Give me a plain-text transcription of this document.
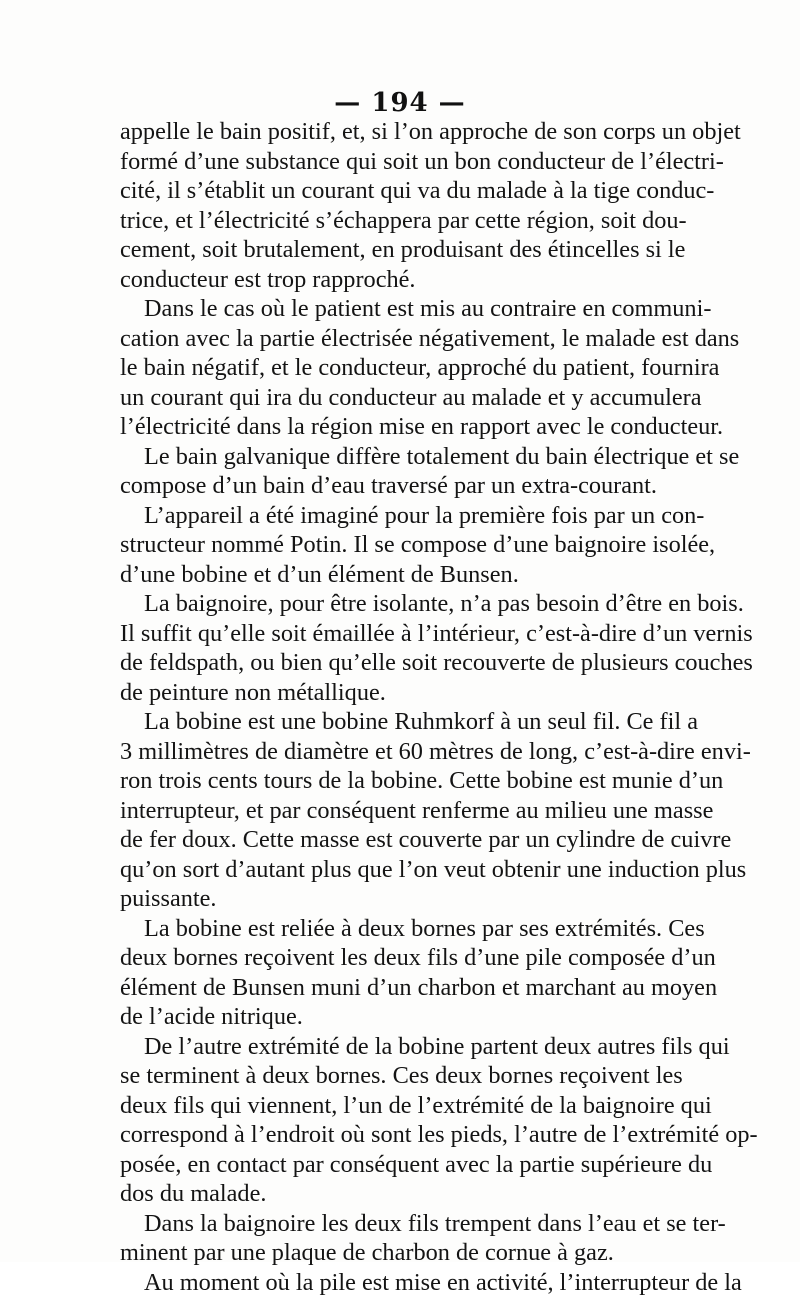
— 194 —

appelle le bain positif, et, si l’on approche de son corps un objet
formé d’une substance qui soit un bon conducteur de l’électri-
cité, il s’établit un courant qui va du malade à la tige conduc-
trice, et l’électricité s’échappera par cette région, soit dou-
cement, soit brutalement, en produisant des étincelles si le
conducteur est trop rapproché.

Dans le cas où le patient est mis au contraire en communi-
cation avec la partie électrisée négativement, le malade est dans
le bain négatif, et le conducteur, approché du patient, fournira
un courant qui ira du conducteur au malade et y accumulera
l’électricité dans la région mise en rapport avec le conducteur.

Le bain galvanique diffère totalement du bain électrique et se
compose d’un bain d’eau traversé par un extra-courant.

L’appareil a été imaginé pour la première fois par un con-
structeur nommé Potin. Il se compose d’une baignoire isolée,
d’une bobine et d’un élément de Bunsen.

La baignoire, pour être isolante, n’a pas besoin d’être en bois.
Il suffit qu’elle soit émaillée à l’intérieur, c’est-à-dire d’un vernis
de feldspath, ou bien qu’elle soit recouverte de plusieurs couches
de peinture non métallique.

La bobine est une bobine Ruhmkorf à un seul fil. Ce fil a
3 millimètres de diamètre et 60 mètres de long, c’est-à-dire envi-
ron trois cents tours de la bobine. Cette bobine est munie d’un
interrupteur, et par conséquent renferme au milieu une masse
de fer doux. Cette masse est couverte par un cylindre de cuivre
qu’on sort d’autant plus que l’on veut obtenir une induction plus
puissante.

La bobine est reliée à deux bornes par ses extrémités. Ces
deux bornes reçoivent les deux fils d’une pile composée d’un
élément de Bunsen muni d’un charbon et marchant au moyen
de l’acide nitrique.

De l’autre extrémité de la bobine partent deux autres fils qui
se terminent à deux bornes. Ces deux bornes reçoivent les
deux fils qui viennent, l’un de l’extrémité de la baignoire qui
correspond à l’endroit où sont les pieds, l’autre de l’extrémité op-
posée, en contact par conséquent avec la partie supérieure du
dos du malade.

Dans la baignoire les deux fils trempent dans l’eau et se ter-
minent par une plaque de charbon de cornue à gaz.

Au moment où la pile est mise en activité, l’interrupteur de la
